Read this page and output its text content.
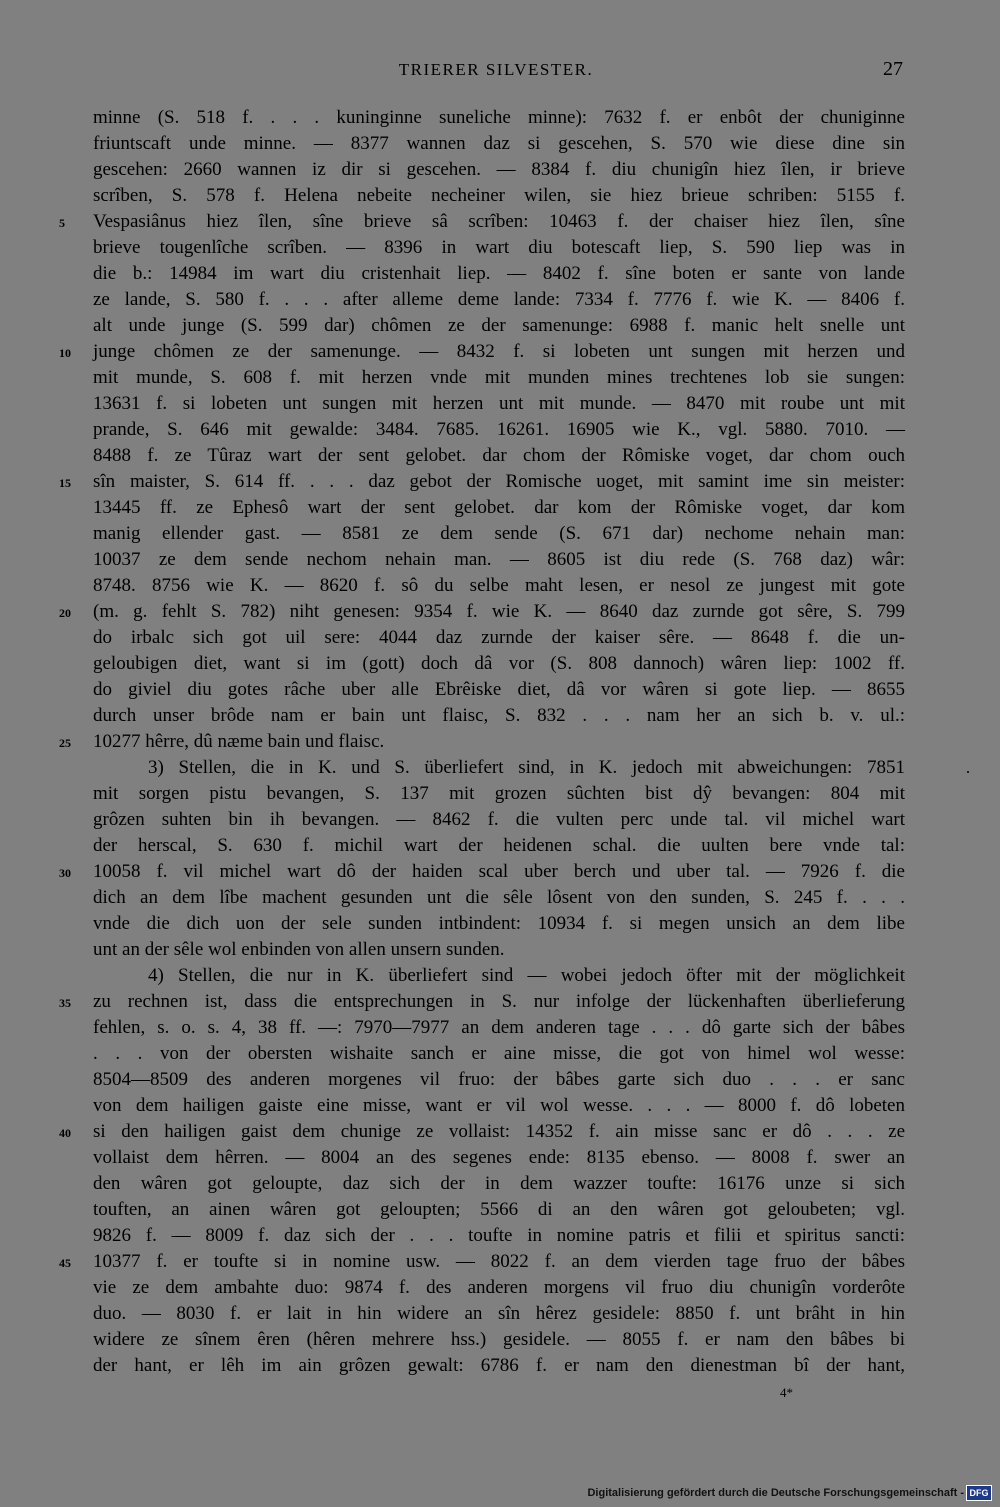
TRIERER SILVESTER.	27
minne (S. 518 f. . . . kuninginne suneliche minne): 7632 f. er enbôt der chuniginne
friuntscaft unde minne. — 8377 wannen daz si gescehen, S. 570 wie diese dine sin
gescehen: 2660 wannen iz dir si gescehen. — 8384 f. diu chunigîn hiez îlen, ir brieve
scrîben, S. 578 f. Helena nebeite necheiner wilen, sie hiez brieue schriben: 5155 f.
5	Vespasiânus hiez îlen, sîne brieve sâ scrîben: 10463 f. der chaiser hiez îlen, sîne
brieve tougenlîche scrîben. — 8396 in wart diu botescaft liep, S. 590 liep was in
die b.: 14984 im wart diu cristenhait liep. — 8402 f. sîne boten er sante von lande
ze lande, S. 580 f. . . . after alleme deme lande: 7334 f. 7776 f. wie K. — 8406 f.
alt unde junge (S. 599 dar) chômen ze der samenunge: 6988 f. manic helt snelle unt
10	junge chômen ze der samenunge. — 8432 f. si lobeten unt sungen mit herzen und
mit munde, S. 608 f. mit herzen vnde mit munden mines trechtenes lob sie sungen:
13631 f. si lobeten unt sungen mit herzen unt mit munde. — 8470 mit roube unt mit
prande, S. 646 mit gewalde: 3484. 7685. 16261. 16905 wie K., vgl. 5880. 7010. —
8488 f. ze Tûraz wart der sent gelobet. dar chom der Rômiske voget, dar chom ouch
15	sîn maister, S. 614 ff. . . . daz gebot der Romische uoget, mit samint ime sin meister:
13445 ff. ze Ephesô wart der sent gelobet. dar kom der Rômiske voget, dar kom
manig ellender gast. — 8581 ze dem sende (S. 671 dar) nechome nehain man:
10037 ze dem sende nechom nehain man. — 8605 ist diu rede (S. 768 daz) wâr:
8748. 8756 wie K. — 8620 f. sô du selbe maht lesen, er nesol ze jungest mit gote
20	(m. g. fehlt S. 782) niht genesen: 9354 f. wie K. — 8640 daz zurnde got sêre, S. 799
do irbalc sich got uil sere: 4044 daz zurnde der kaiser sêre. — 8648 f. die un-
geloubigen diet, want si im (gott) doch dâ vor (S. 808 dannoch) wâren liep: 1002 ff.
do giviel diu gotes râche uber alle Ebrêiske diet, dâ vor wâren si gote liep. — 8655
durch unser brôde nam er bain unt flaisc, S. 832 . . . nam her an sich b. v. ul.:
25	10277 hêrre, dû næme bain und flaisc.
3) Stellen, die in K. und S. überliefert sind, in K. jedoch mit abweichungen: 7851
mit sorgen pistu bevangen, S. 137 mit grozen sûchten bist dŷ bevangen: 804 mit
grôzen suhten bin ih bevangen. — 8462 f. die vulten perc unde tal. vil michel wart
der herscal, S. 630 f. michil wart der heidenen schal. die uulten bere vnde tal:
30	10058 f. vil michel wart dô der haiden scal uber berch und uber tal. — 7926 f. die
dich an dem lîbe machent gesunden unt die sêle lôsent von den sunden, S. 245 f. . . .
vnde die dich uon der sele sunden intbindent: 10934 f. si megen unsich an dem libe
unt an der sêle wol enbinden von allen unsern sunden.
4) Stellen, die nur in K. überliefert sind — wobei jedoch öfter mit der möglichkeit
35	zu rechnen ist, dass die entsprechungen in S. nur infolge der lückenhaften überlieferung
fehlen, s. o. s. 4, 38 ff. —: 7970—7977 an dem anderen tage . . . dô garte sich der bâbes
. . . von der obersten wishaite sanch er aine misse, die got von himel wol wesse:
8504—8509 des anderen morgenes vil fruo: der bâbes garte sich duo . . . er sanc
von dem hailigen gaiste eine misse, want er vil wol wesse. . . . — 8000 f. dô lobeten
40	si den hailigen gaist dem chunige ze vollaist: 14352 f. ain misse sanc er dô . . . ze
vollaist dem hêrren. — 8004 an des segenes ende: 8135 ebenso. — 8008 f. swer an
den wâren got geloupte, daz sich der in dem wazzer toufte: 16176 unze si sich
touften, an ainen wâren got geloupten; 5566 di an den wâren got geloubeten; vgl.
9826 f. — 8009 f. daz sich der . . . toufte in nomine patris et filii et spiritus sancti:
45	10377 f. er toufte si in nomine usw. — 8022 f. an dem vierden tage fruo der bâbes
vie ze dem ambahte duo: 9874 f. des anderen morgens vil fruo diu chunigîn vorderôte
duo. — 8030 f. er lait in hin widere an sîn hêrez gesidele: 8850 f. unt brâht in hin
widere ze sînem êren (hêren mehrere hss.) gesidele. — 8055 f. er nam den bâbes bi
der hant, er lêh im ain grôzen gewalt: 6786 f. er nam den dienestman bî der hant,
4*
Digitalisierung gefördert durch die Deutsche Forschungsgemeinschaft - DFG
